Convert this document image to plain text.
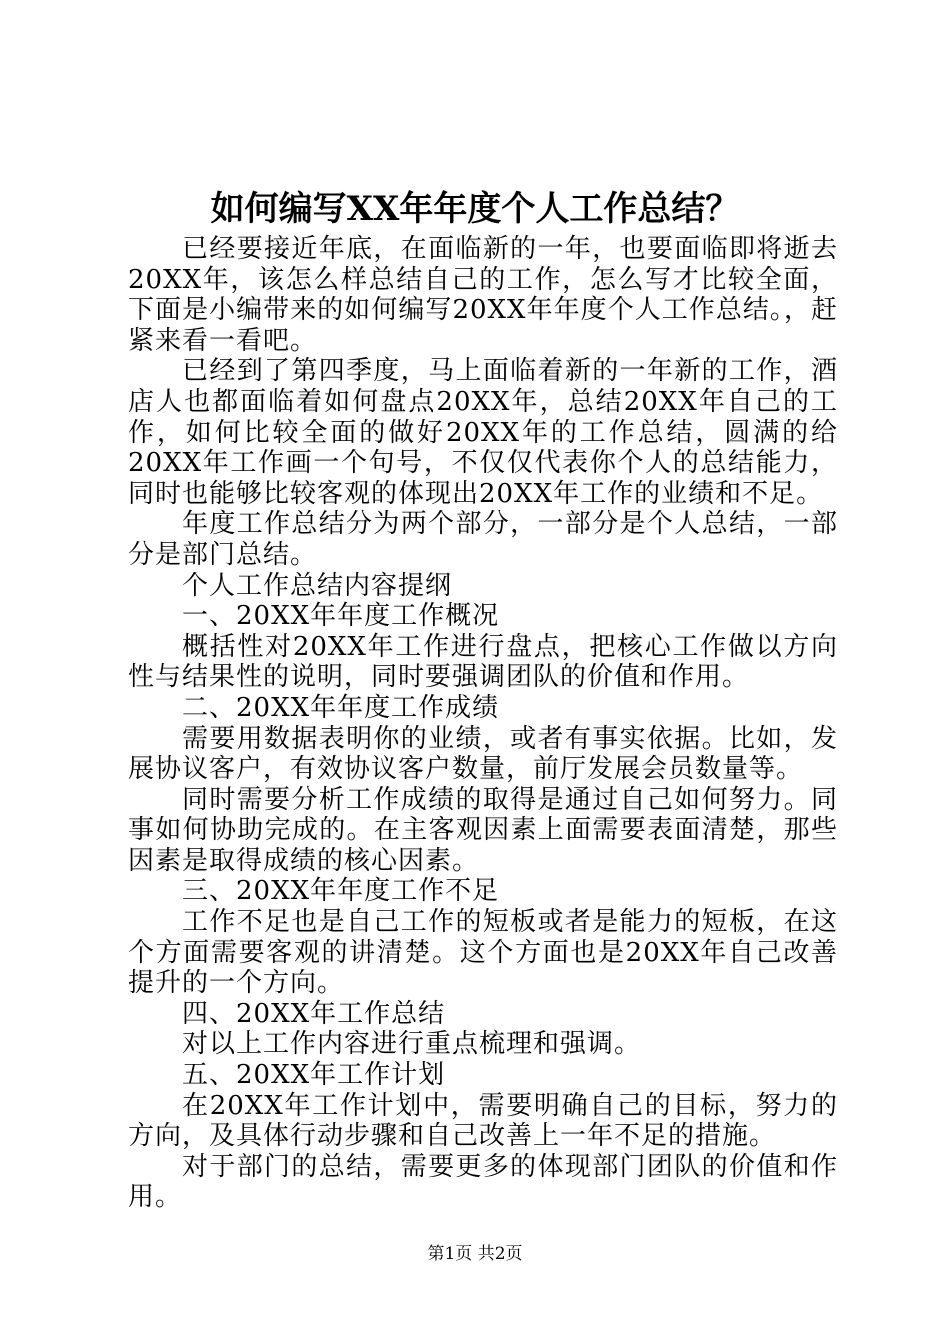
如何编写XX年年度个人工作总结？

已经要接近年底，在面临新的一年，也要面临即将逝去20XX年，该怎么样总结自己的工作，怎么写才比较全面，下面是小编带来的如何编写20XX年年度个人工作总结。，赶紧来看一看吧。

已经到了第四季度，马上面临着新的一年新的工作，酒店人也都面临着如何盘点20XX年，总结20XX年自己的工作，如何比较全面的做好20XX年的工作总结，圆满的给20XX年工作画一个句号，不仅仅代表你个人的总结能力，同时也能够比较客观的体现出20XX年工作的业绩和不足。

年度工作总结分为两个部分，一部分是个人总结，一部分是部门总结。

个人工作总结内容提纲

一、20XX年年度工作概况

概括性对20XX年工作进行盘点，把核心工作做以方向性与结果性的说明，同时要强调团队的价值和作用。

二、20XX年年度工作成绩

需要用数据表明你的业绩，或者有事实依据。比如，发展协议客户，有效协议客户数量，前厅发展会员数量等。

同时需要分析工作成绩的取得是通过自己如何努力。同事如何协助完成的。在主客观因素上面需要表面清楚，那些因素是取得成绩的核心因素。

三、20XX年年度工作不足

工作不足也是自己工作的短板或者是能力的短板，在这个方面需要客观的讲清楚。这个方面也是20XX年自己改善提升的一个方向。

四、20XX年工作总结

对以上工作内容进行重点梳理和强调。

五、20XX年工作计划

在20XX年工作计划中，需要明确自己的目标，努力的方向，及具体行动步骤和自己改善上一年不足的措施。

对于部门的总结，需要更多的体现部门团队的价值和作用。

第1页 共2页
